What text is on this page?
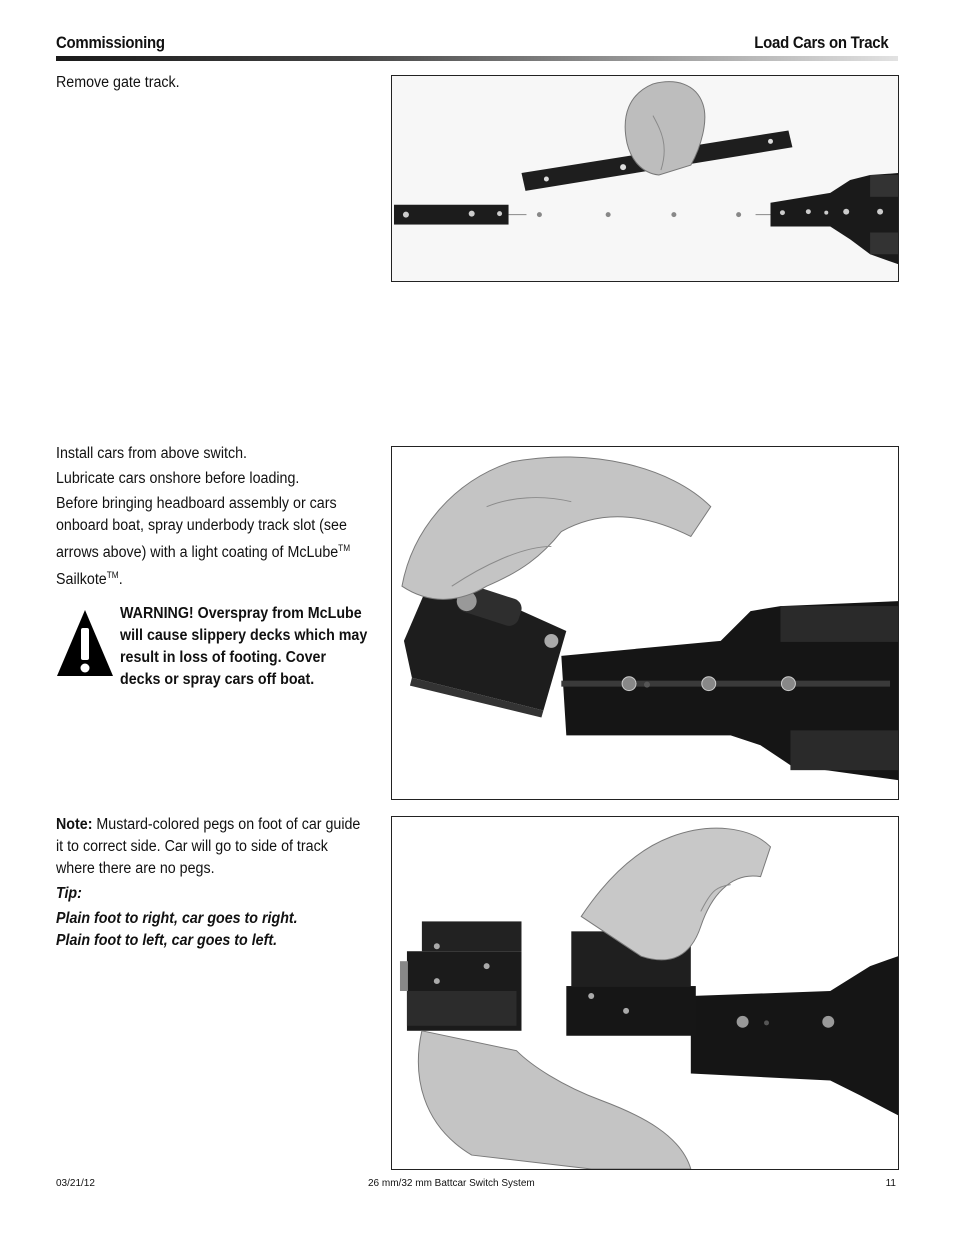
Commissioning	Load Cars on Track
Remove gate track.

Install cars from above switch.

Lubricate cars onshore before loading.

Before bringing headboard assembly or cars onboard boat, spray underbody track slot (see arrows above) with a light coating of McLube™ Sailkote™.

WARNING! Overspray from McLube will cause slippery decks which may result in loss of footing. Cover decks or spray cars off boat.

Note: Mustard-colored pegs on foot of car guide it to correct side. Car will go to side of track where there are no pegs.

Tip:

Plain foot to right, car goes to right.

Plain foot to left, car goes to left.

03/21/12	26 mm/32 mm Battcar Switch System	11
